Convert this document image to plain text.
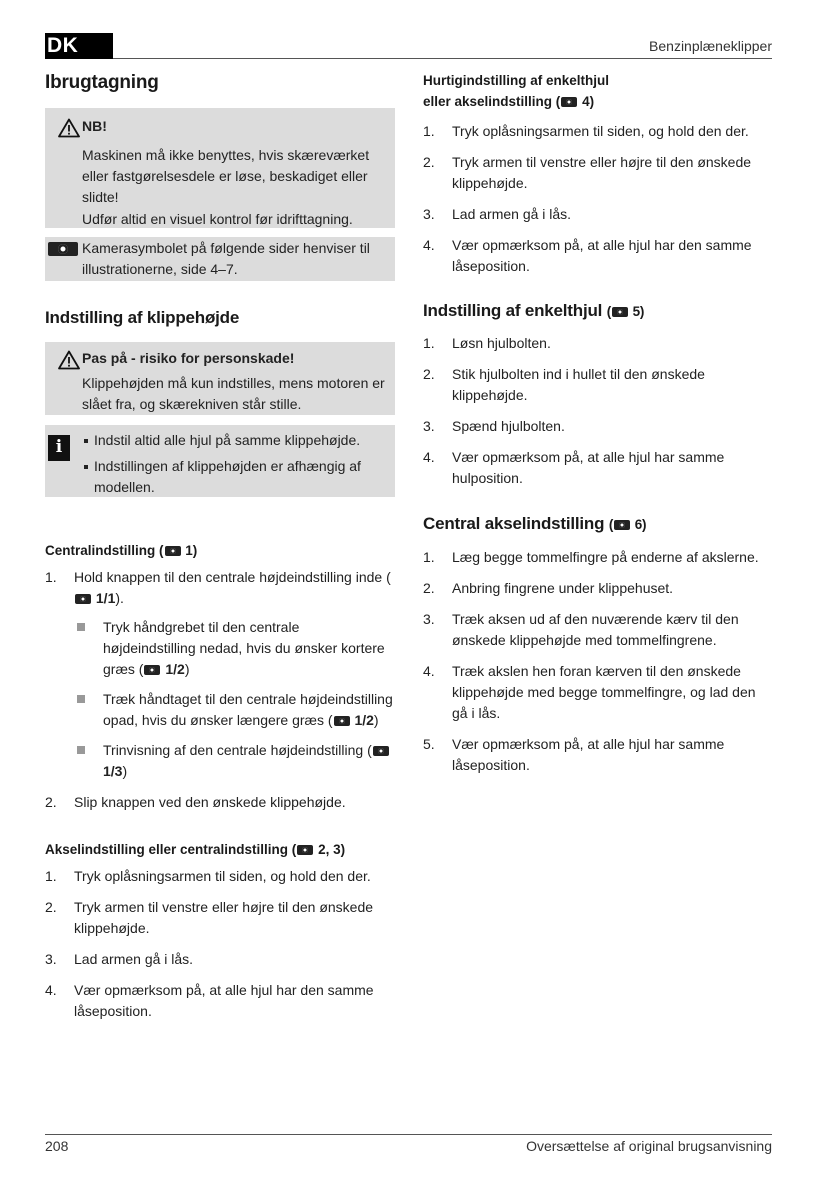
DK	Benzinplæneklipper
Ibrugtagning

NB!

Maskinen må ikke benyttes, hvis skæreværket eller fastgørelsesdele er løse, beskadiget eller slidte!

Udfør altid en visuel kontrol før idrifttagning.

Kamerasymbolet på følgende sider henviser til illustrationerne, side 4–7.

Indstilling af klippehøjde

Pas på - risiko for personskade!

Klippehøjden må kun indstilles, mens motoren er slået fra, og skærekniven står stille.

i	Indstil altid alle hjul på samme klippehøjde.

Indstillingen af klippehøjden er afhængig af modellen.

Centralindstilling ( 1)
1. Hold knappen til den centrale højdeindstilling inde ( 1/1).
Tryk håndgrebet til den centrale højdeindstilling nedad, hvis du ønsker kortere græs ( 1/2)
Træk håndtaget til den centrale højdeindstilling opad, hvis du ønsker længere græs ( 1/2)
Trinvisning af den centrale højdeindstilling ( 1/3)
2. Slip knappen ved den ønskede klippehøjde.
Akselindstilling eller centralindstilling ( 2, 3)
1. Tryk oplåsningsarmen til siden, og hold den der.
2. Tryk armen til venstre eller højre til den ønskede klippehøjde.
3. Lad armen gå i lås.
4. Vær opmærksom på, at alle hjul har den samme låseposition.
Hurtigindstilling af enkelthjul
eller akselindstilling ( 4)
1. Tryk oplåsningsarmen til siden, og hold den der.
2. Tryk armen til venstre eller højre til den ønskede klippehøjde.
3. Lad armen gå i lås.
4. Vær opmærksom på, at alle hjul har den samme låseposition.
Indstilling af enkelthjul ( 5)
1. Løsn hjulbolten.
2. Stik hjulbolten ind i hullet til den ønskede klippehøjde.
3. Spænd hjulbolten.
4. Vær opmærksom på, at alle hjul har samme hulposition.
Central akselindstilling ( 6)
1. Læg begge tommelfingre på enderne af akslerne.
2. Anbring fingrene under klippehuset.
3. Træk aksen ud af den nuværende kærv til den ønskede klippehøjde med tommelfingrene.
4. Træk akslen hen foran kærven til den ønskede klippehøjde med begge tommelfingre, og lad den gå i lås.
5. Vær opmærksom på, at alle hjul har samme låseposition.
208	Oversættelse af original brugsanvisning
